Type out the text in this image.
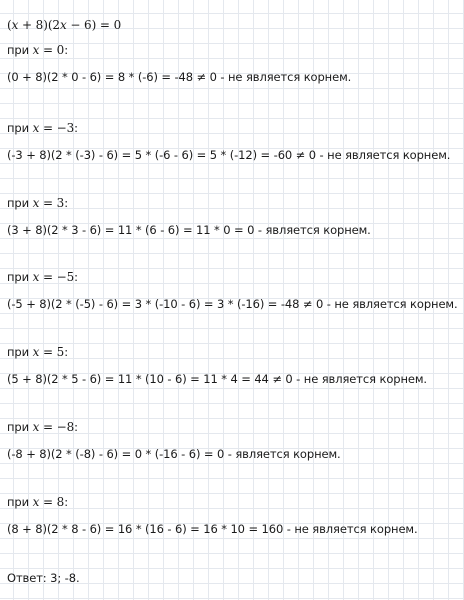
(x + 8)(2x − 6) = 0
при x = 0:
(0 + 8)(2 * 0 - 6) = 8 * (-6) = -48 ≠ 0 - не является корнем.
при x = −3:
(-3 + 8)(2 * (-3) - 6) = 5 * (-6 - 6) = 5 * (-12) = -60 ≠ 0 - не является корнем.
при x = 3:
(3 + 8)(2 * 3 - 6) = 11 * (6 - 6) = 11 * 0 = 0 - является корнем.
при x = −5:
(-5 + 8)(2 * (-5) - 6) = 3 * (-10 - 6) = 3 * (-16) = -48 ≠ 0 - не является корнем.
при x = 5:
(5 + 8)(2 * 5 - 6) = 11 * (10 - 6) = 11 * 4 = 44 ≠ 0 - не является корнем.
при x = −8:
(-8 + 8)(2 * (-8) - 6) = 0 * (-16 - 6) = 0 - является корнем.
при x = 8:
(8 + 8)(2 * 8 - 6) = 16 * (16 - 6) = 16 * 10 = 160 - не является корнем.
Ответ: 3; -8.
